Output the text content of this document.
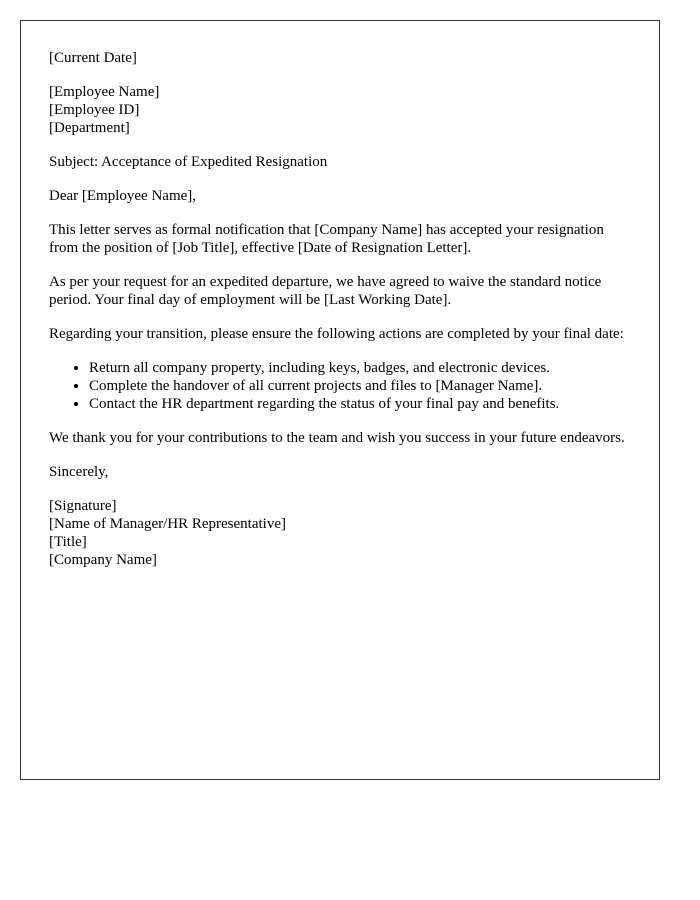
[Current Date]

[Employee Name]
[Employee ID]
[Department]

Subject: Acceptance of Expedited Resignation

Dear [Employee Name],

This letter serves as formal notification that [Company Name] has accepted your resignation from the position of [Job Title], effective [Date of Resignation Letter].

As per your request for an expedited departure, we have agreed to waive the standard notice period. Your final day of employment will be [Last Working Date].

Regarding your transition, please ensure the following actions are completed by your final date:

• Return all company property, including keys, badges, and electronic devices.
• Complete the handover of all current projects and files to [Manager Name].
• Contact the HR department regarding the status of your final pay and benefits.

We thank you for your contributions to the team and wish you success in your future endeavors.

Sincerely,

[Signature]
[Name of Manager/HR Representative]
[Title]
[Company Name]
